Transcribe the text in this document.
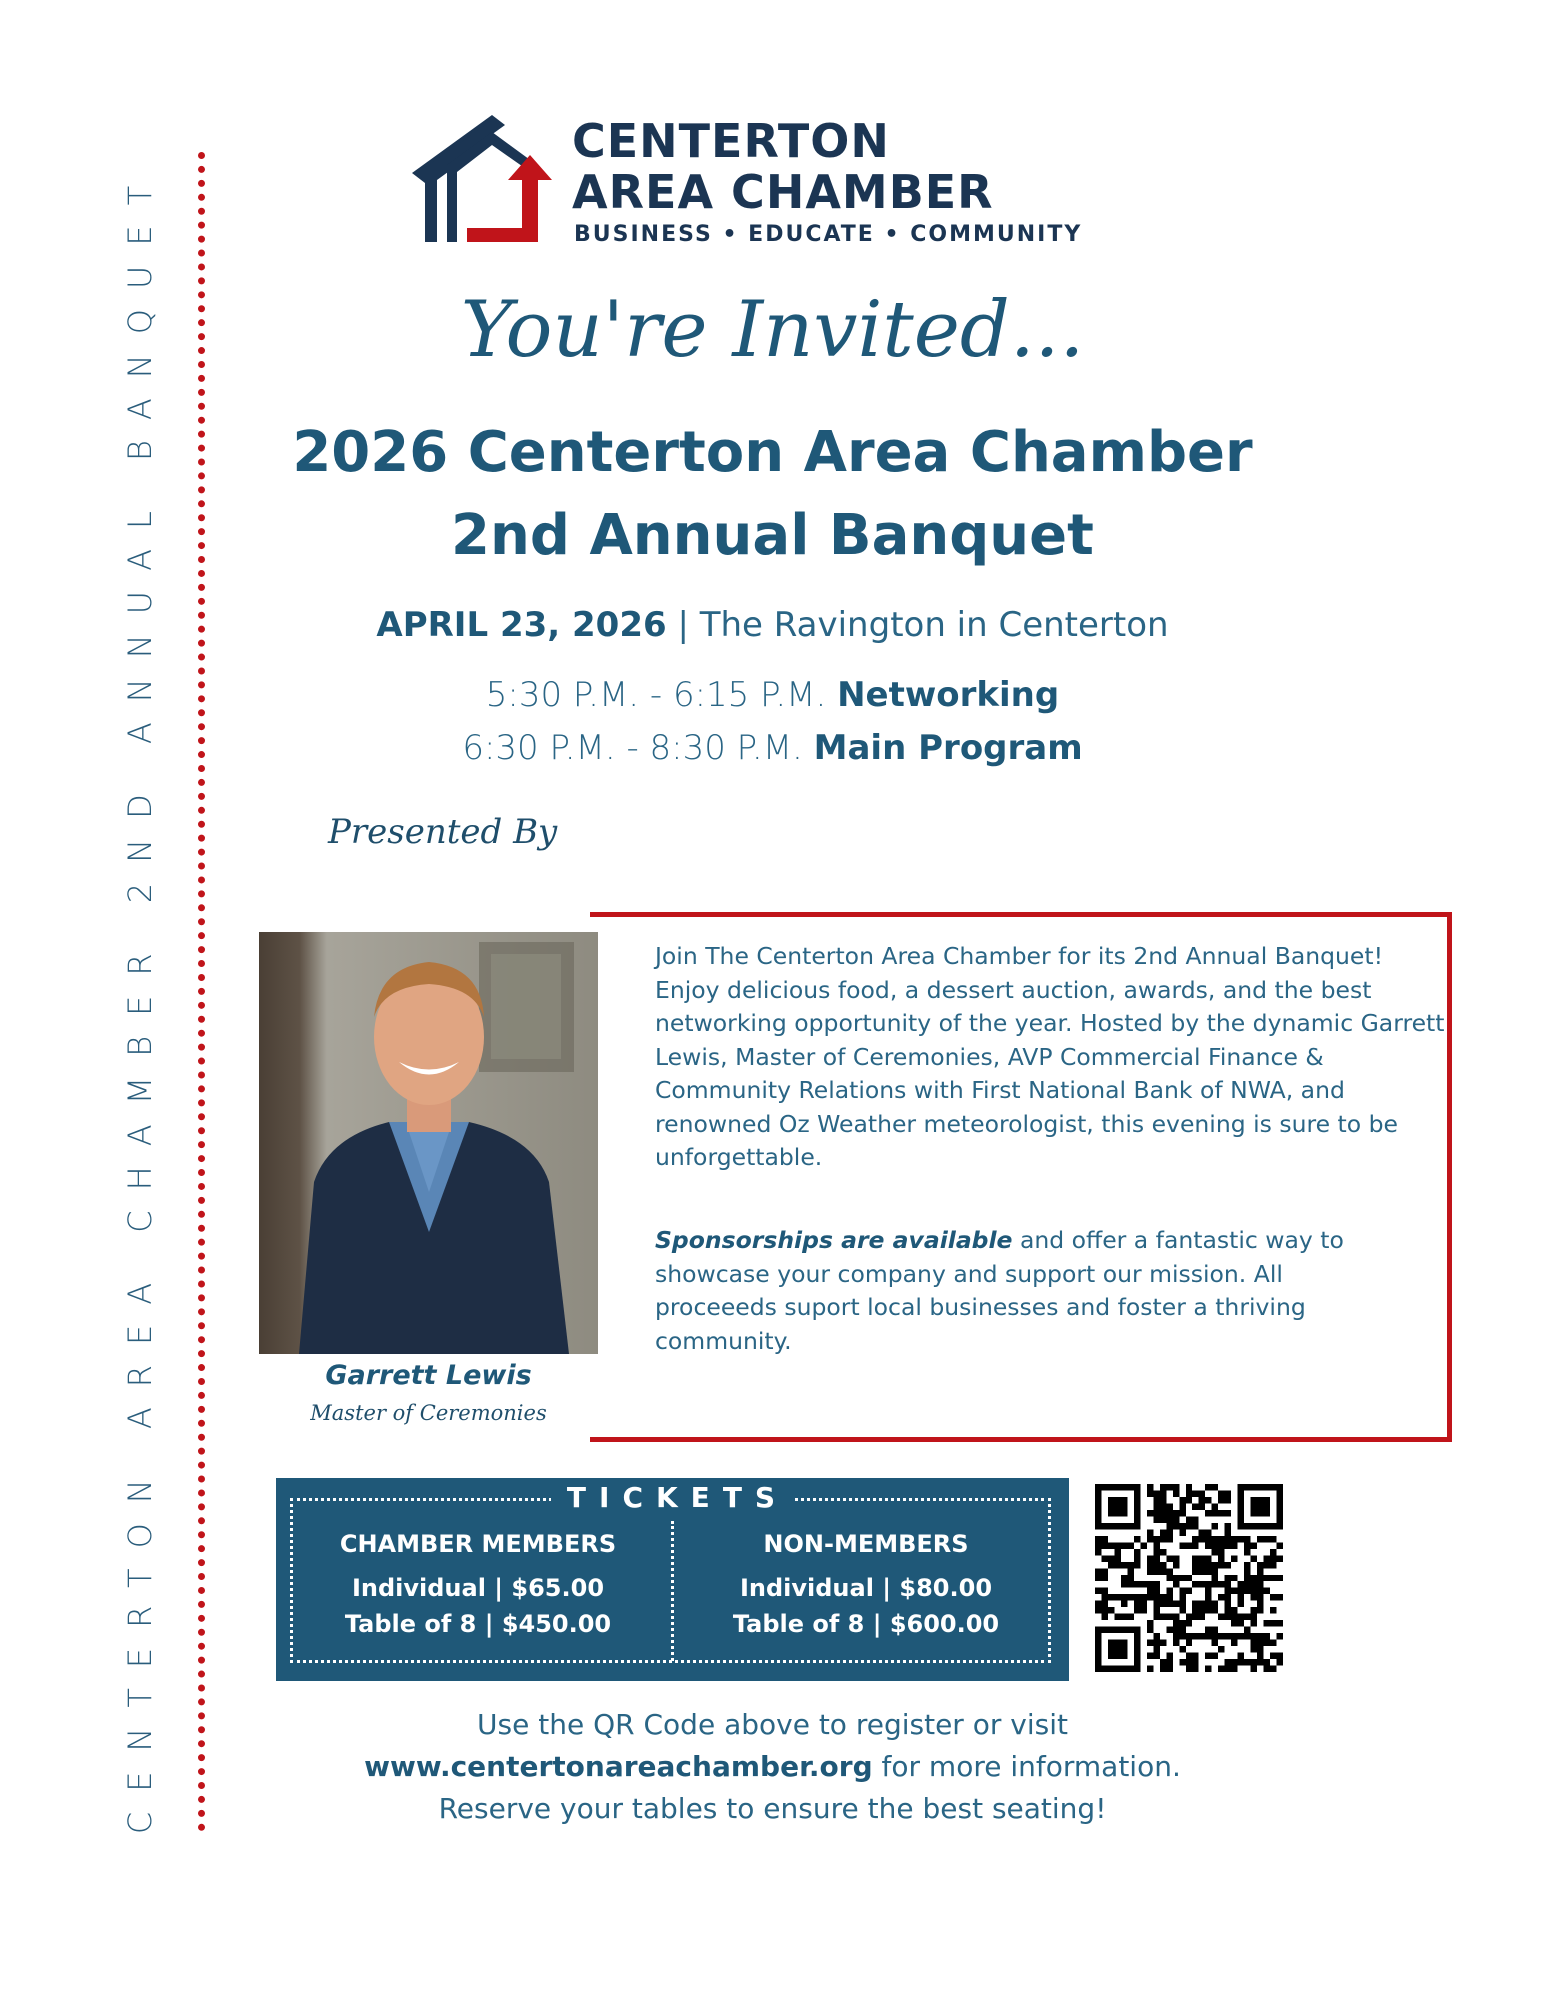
CENTERTON AREA CHAMBER 2ND ANNUAL BANQUET
CENTERTON
AREA CHAMBER
BUSINESS • EDUCATE • COMMUNITY
You're Invited...
2026 Centerton Area Chamber
2nd Annual Banquet
APRIL 23, 2026 | The Ravington in Centerton
5:30 P.M. - 6:15 P.M. Networking
6:30 P.M. - 8:30 P.M. Main Program
Presented By
Garrett Lewis
Master of Ceremonies
Join The Centerton Area Chamber for its 2nd Annual Banquet! Enjoy delicious food, a dessert auction, awards, and the best networking opportunity of the year. Hosted by the dynamic Garrett Lewis, Master of Ceremonies, AVP Commercial Finance & Community Relations with First National Bank of NWA, and renowned Oz Weather meteorologist, this evening is sure to be unforgettable.
Sponsorships are available and offer a fantastic way to showcase your company and support our mission. All proceeeds suport local businesses and foster a thriving community.
TICKETS
CHAMBER MEMBERS
Individual | $65.00
Table of 8 | $450.00
NON-MEMBERS
Individual | $80.00
Table of 8 | $600.00
Use the QR Code above to register or visit
www.centertonareachamber.org for more information.
Reserve your tables to ensure the best seating!
